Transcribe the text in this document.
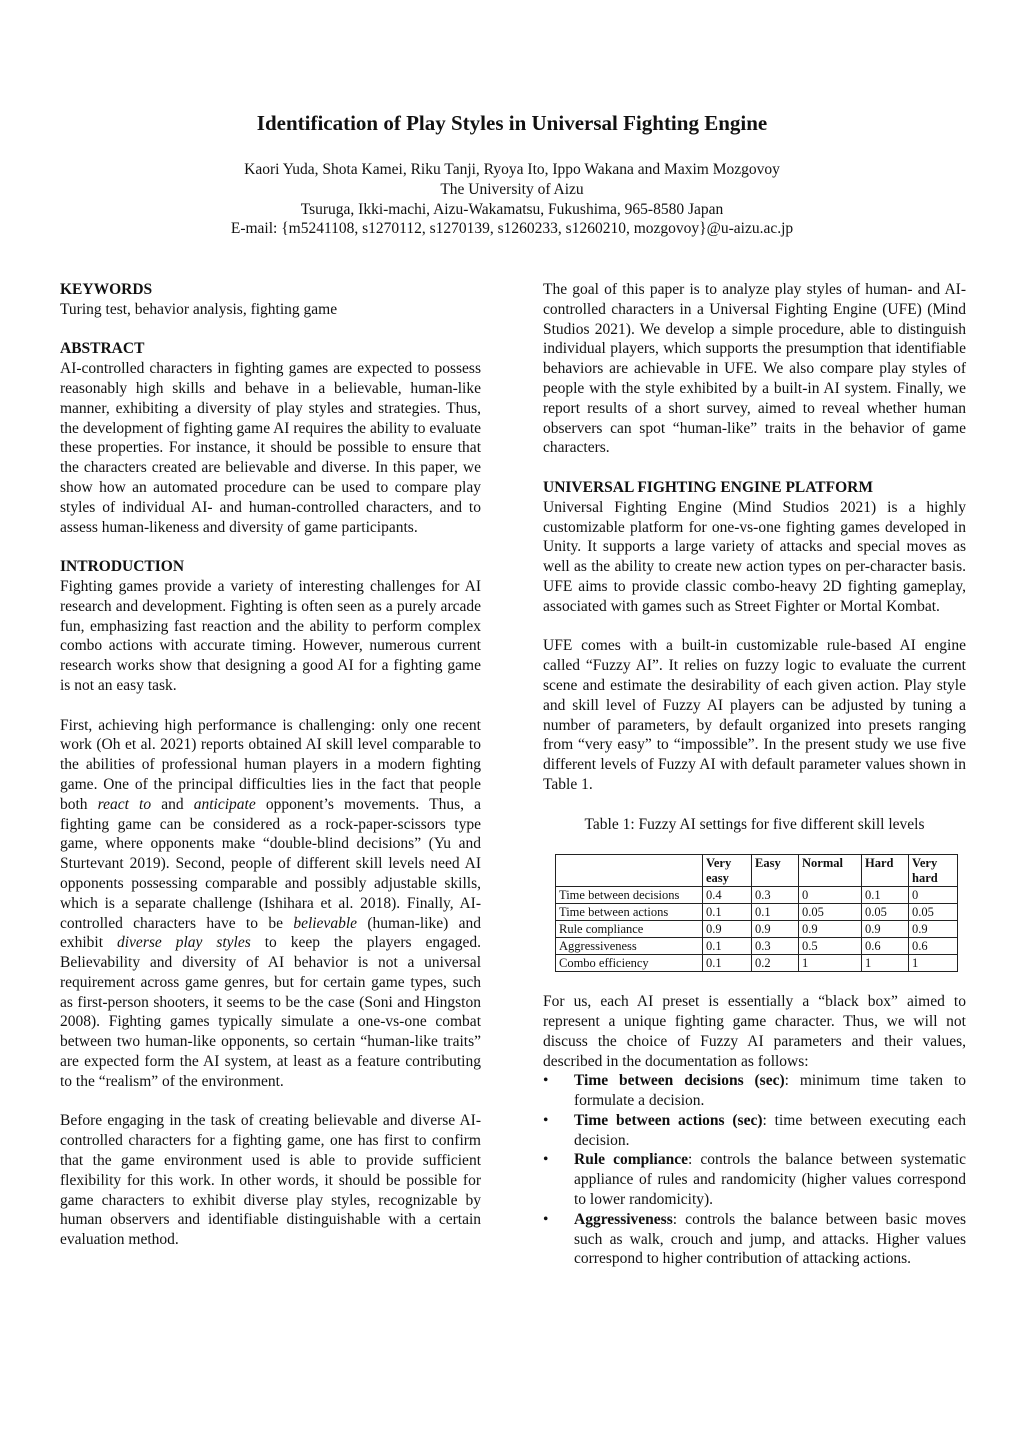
Identification of Play Styles in Universal Fighting Engine
Kaori Yuda, Shota Kamei, Riku Tanji, Ryoya Ito, Ippo Wakana and Maxim Mozgovoy
The University of Aizu
Tsuruga, Ikki-machi, Aizu-Wakamatsu, Fukushima, 965-8580 Japan
E-mail: {m5241108, s1270112, s1270139, s1260233, s1260210, mozgovoy}@u-aizu.ac.jp

KEYWORDS

Turing test, behavior analysis, fighting game

ABSTRACT

AI-controlled characters in fighting games are expected to possess reasonably high skills and behave in a believable, human-like manner, exhibiting a diversity of play styles and strategies. Thus, the development of fighting game AI requires the ability to evaluate these properties. For instance, it should be possible to ensure that the characters created are believable and diverse. In this paper, we show how an automated procedure can be used to compare play styles of individual AI- and human-controlled characters, and to assess human-likeness and diversity of game participants.

INTRODUCTION

Fighting games provide a variety of interesting challenges for AI research and development. Fighting is often seen as a purely arcade fun, emphasizing fast reaction and the ability to perform complex combo actions with accurate timing. However, numerous current research works show that designing a good AI for a fighting game is not an easy task.

First, achieving high performance is challenging: only one recent work (Oh et al. 2021) reports obtained AI skill level comparable to the abilities of professional human players in a modern fighting game. One of the principal difficulties lies in the fact that people both react to and anticipate opponent’s movements. Thus, a fighting game can be considered as a rock-paper-scissors type game, where opponents make “double-blind decisions” (Yu and Sturtevant 2019). Second, people of different skill levels need AI opponents possessing comparable and possibly adjustable skills, which is a separate challenge (Ishihara et al. 2018). Finally, AI-controlled characters have to be believable (human-like) and exhibit diverse play styles to keep the players engaged. Believability and diversity of AI behavior is not a universal requirement across game genres, but for certain game types, such as first-person shooters, it seems to be the case (Soni and Hingston 2008). Fighting games typically simulate a one-vs-one combat between two human-like opponents, so certain “human-like traits” are expected form the AI system, at least as a feature contributing to the “realism” of the environment.

Before engaging in the task of creating believable and diverse AI-controlled characters for a fighting game, one has first to confirm that the game environment used is able to provide sufficient flexibility for this work. In other words, it should be possible for game characters to exhibit diverse play styles, recognizable by human observers and identifiable distinguishable with a certain evaluation method.

The goal of this paper is to analyze play styles of human- and AI-controlled characters in a Universal Fighting Engine (UFE) (Mind Studios 2021). We develop a simple procedure, able to distinguish individual players, which supports the presumption that identifiable behaviors are achievable in UFE. We also compare play styles of people with the style exhibited by a built-in AI system. Finally, we report results of a short survey, aimed to reveal whether human observers can spot “human-like” traits in the behavior of game characters.

UNIVERSAL FIGHTING ENGINE PLATFORM

Universal Fighting Engine (Mind Studios 2021) is a highly customizable platform for one-vs-one fighting games developed in Unity. It supports a large variety of attacks and special moves as well as the ability to create new action types on per-character basis. UFE aims to provide classic combo-heavy 2D fighting gameplay, associated with games such as Street Fighter or Mortal Kombat.

UFE comes with a built-in customizable rule-based AI engine called “Fuzzy AI”. It relies on fuzzy logic to evaluate the current scene and estimate the desirability of each given action. Play style and skill level of Fuzzy AI players can be adjusted by tuning a number of parameters, by default organized into presets ranging from “very easy” to “impossible”. In the present study we use five different levels of Fuzzy AI with default parameter values shown in Table 1.

Table 1: Fuzzy AI settings for five different skill levels

	Very easy	Easy	Normal	Hard	Very hard
Time between decisions	0.4	0.3	0	0.1	0
Time between actions	0.1	0.1	0.05	0.05	0.05
Rule compliance	0.9	0.9	0.9	0.9	0.9
Aggressiveness	0.1	0.3	0.5	0.6	0.6
Combo efficiency	0.1	0.2	1	1	1

For us, each AI preset is essentially a “black box” aimed to represent a unique fighting game character. Thus, we will not discuss the choice of Fuzzy AI parameters and their values, described in the documentation as follows:

• Time between decisions (sec): minimum time taken to formulate a decision.
• Time between actions (sec): time between executing each decision.
• Rule compliance: controls the balance between systematic appliance of rules and randomicity (higher values correspond to lower randomicity).
• Aggressiveness: controls the balance between basic moves such as walk, crouch and jump, and attacks. Higher values correspond to higher contribution of attacking actions.
